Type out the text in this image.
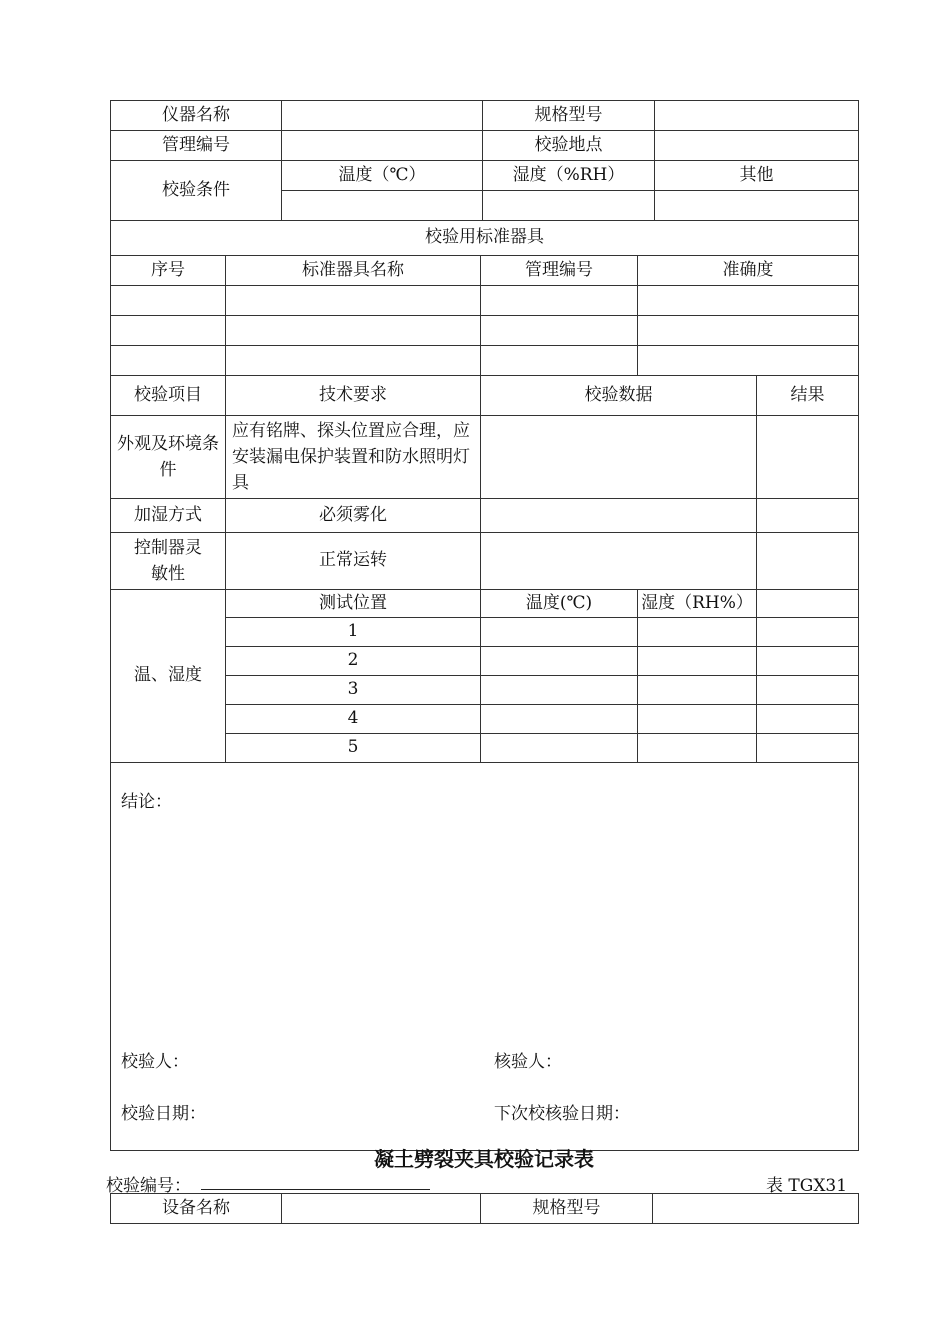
仪器名称				规格型号			
管理编号				校验地点			
校验条件		温度（℃）		湿度（%RH）		其他	

校验用标准器具							
序号	标准器具名称		管理编号		准确度		

校验项目	技术要求		校验数据				结果
外观及环境条件	应有铭牌、探头位置应合理，应安装漏电保护装置和防水照明灯具						
加湿方式	必须雾化						
控制器灵敏性	正常运转						
温、湿度	测试位置		温度(℃)		湿度（RH%）		
	1						
	2						
	3						
	4						
	5						

结论：
校验人： 核验人：
校验日期： 下次校核验日期：							
凝土劈裂夹具校验记录表
校验编号：	表 TGX31
设备名称		规格型号	
